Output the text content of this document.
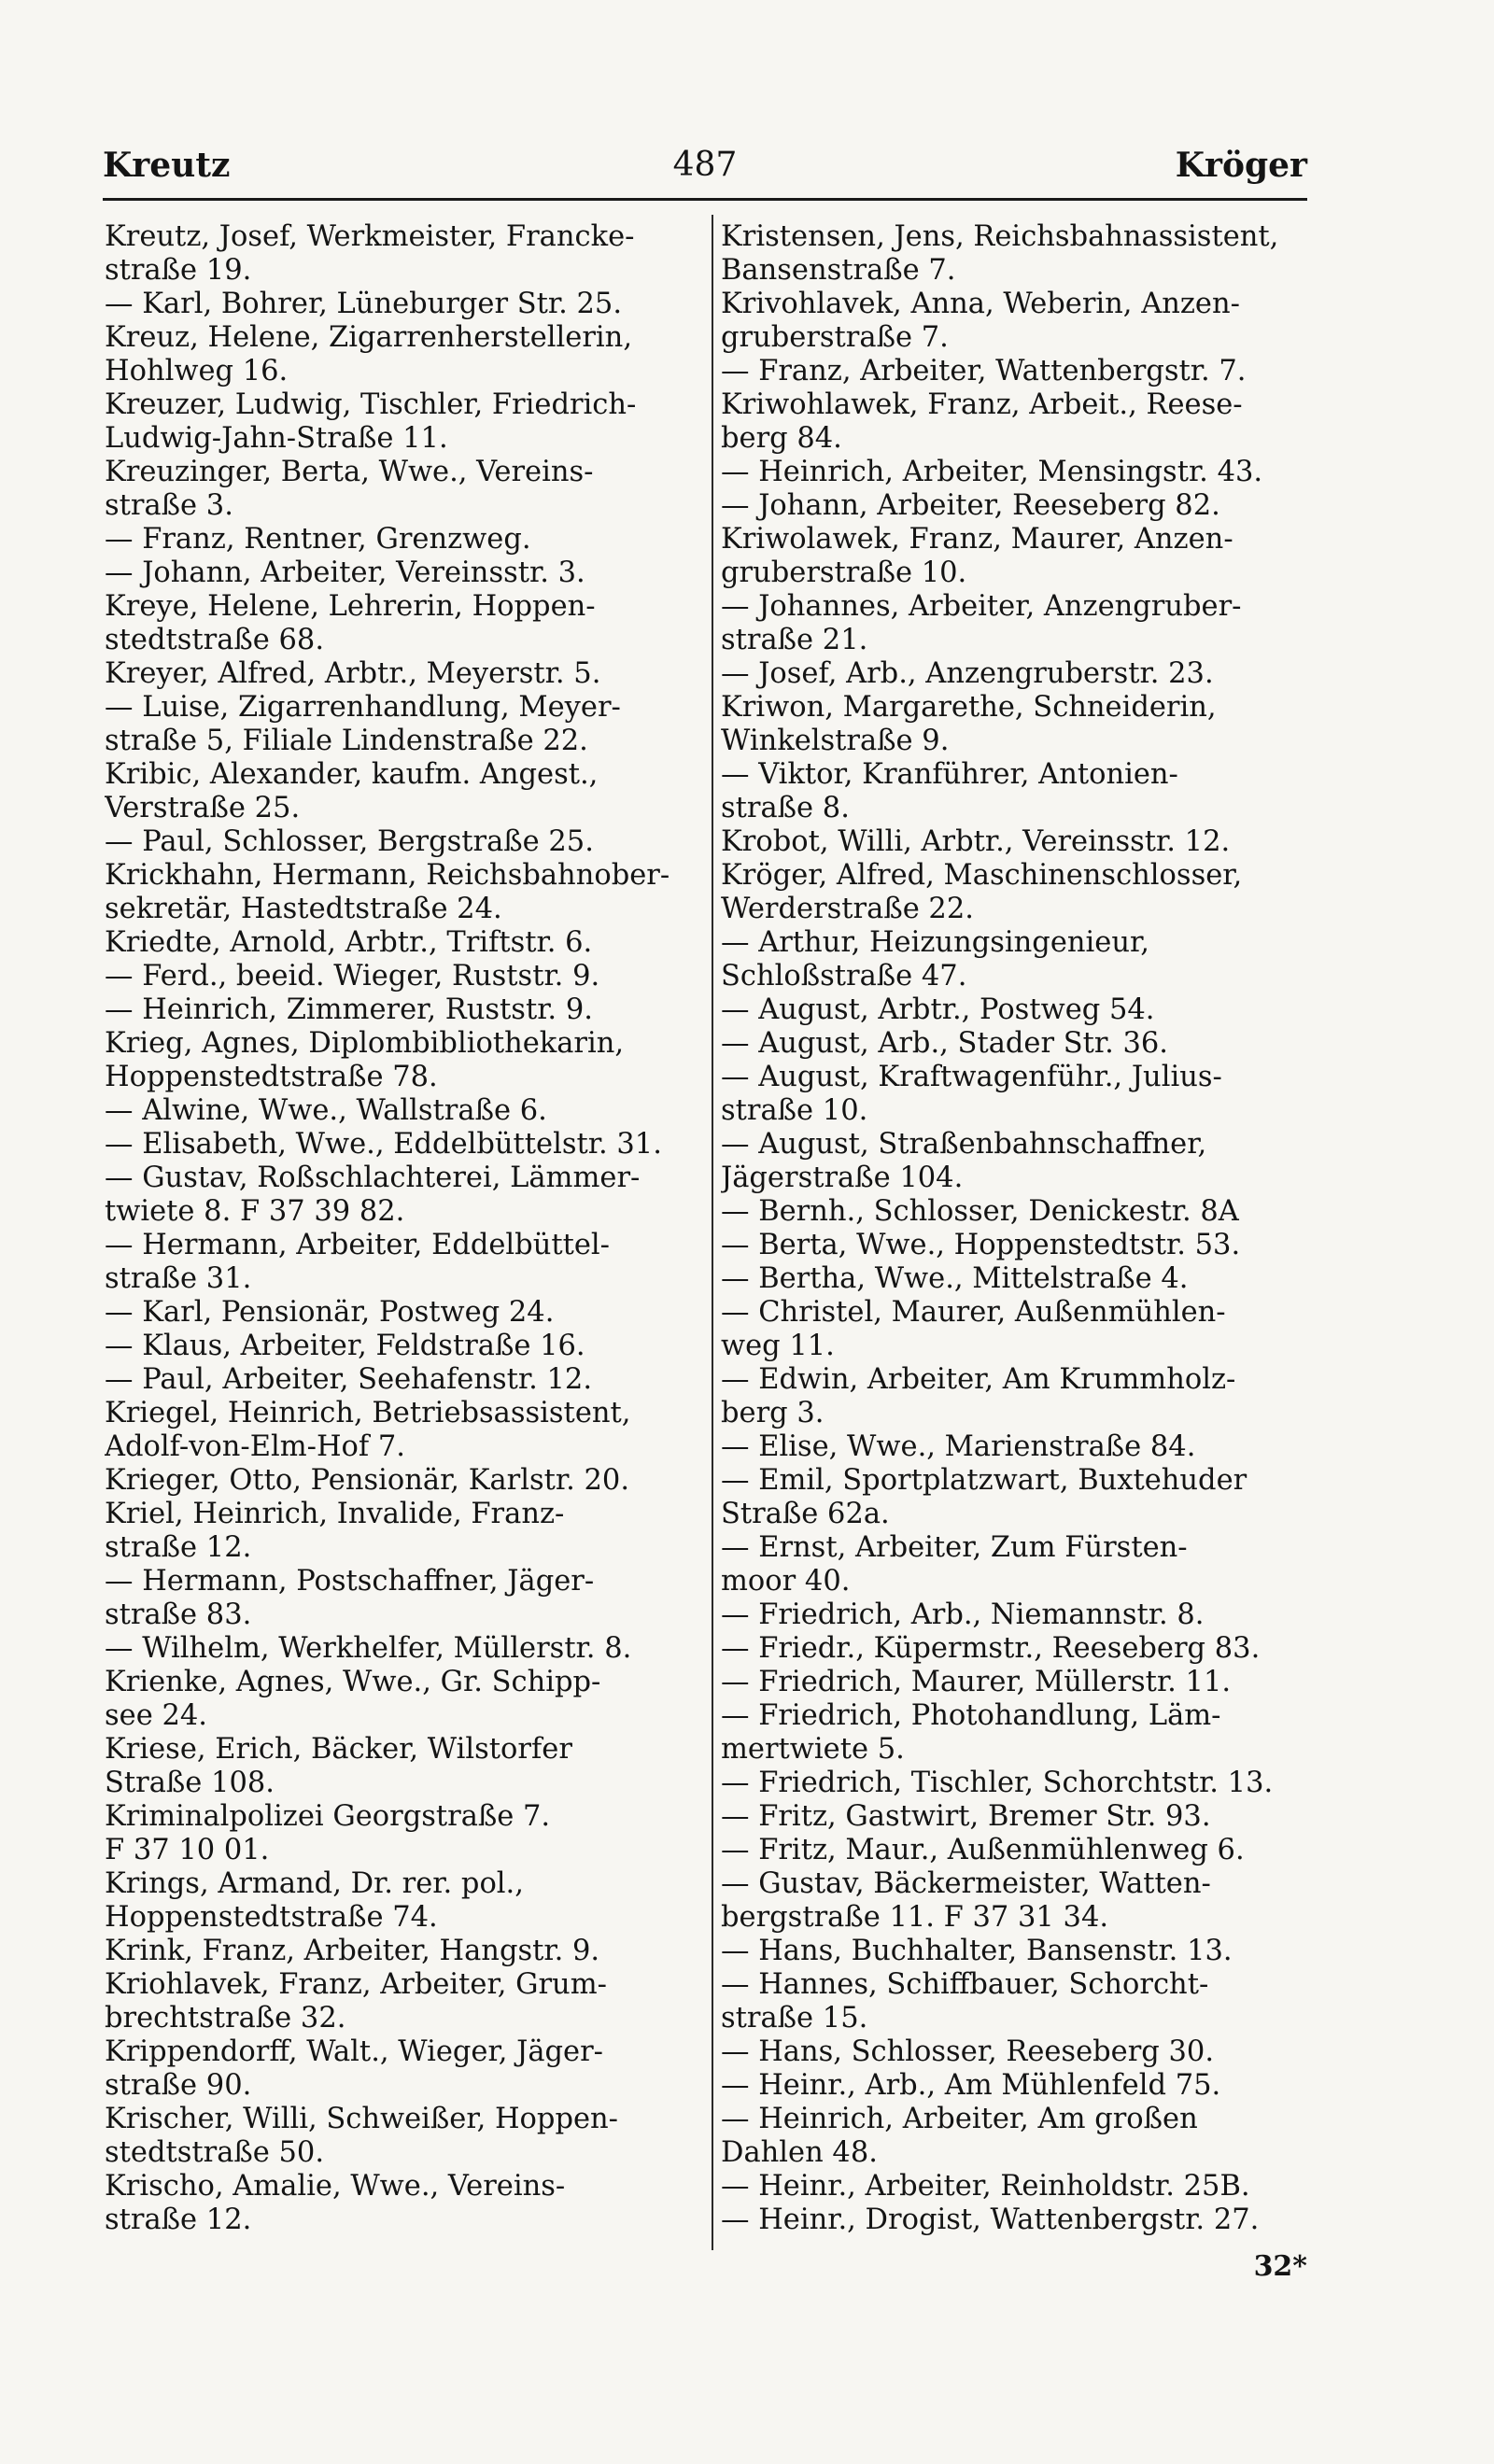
Kreutz	487	Kröger
Kreutz, Josef, Werkmeister, Francke-
straße 19.
— Karl, Bohrer, Lüneburger Str. 25.
Kreuz, Helene, Zigarrenherstellerin,
Hohlweg 16.
Kreuzer, Ludwig, Tischler, Friedrich-
Ludwig-Jahn-Straße 11.
Kreuzinger, Berta, Wwe., Vereins-
straße 3.
— Franz, Rentner, Grenzweg.
— Johann, Arbeiter, Vereinsstr. 3.
Kreye, Helene, Lehrerin, Hoppen-
stedtstraße 68.
Kreyer, Alfred, Arbtr., Meyerstr. 5.
— Luise, Zigarrenhandlung, Meyer-
straße 5, Filiale Lindenstraße 22.
Kribic, Alexander, kaufm. Angest.,
Verstraße 25.
— Paul, Schlosser, Bergstraße 25.
Krickhahn, Hermann, Reichsbahnober-
sekretär, Hastedtstraße 24.
Kriedte, Arnold, Arbtr., Triftstr. 6.
— Ferd., beeid. Wieger, Ruststr. 9.
— Heinrich, Zimmerer, Ruststr. 9.
Krieg, Agnes, Diplombibliothekarin,
Hoppenstedtstraße 78.
— Alwine, Wwe., Wallstraße 6.
— Elisabeth, Wwe., Eddelbüttelstr. 31.
— Gustav, Roßschlachterei, Lämmer-
twiete 8. F 37 39 82.
— Hermann, Arbeiter, Eddelbüttel-
straße 31.
— Karl, Pensionär, Postweg 24.
— Klaus, Arbeiter, Feldstraße 16.
— Paul, Arbeiter, Seehafenstr. 12.
Kriegel, Heinrich, Betriebsassistent,
Adolf-von-Elm-Hof 7.
Krieger, Otto, Pensionär, Karlstr. 20.
Kriel, Heinrich, Invalide, Franz-
straße 12.
— Hermann, Postschaffner, Jäger-
straße 83.
— Wilhelm, Werkhelfer, Müllerstr. 8.
Krienke, Agnes, Wwe., Gr. Schipp-
see 24.
Kriese, Erich, Bäcker, Wilstorfer
Straße 108.
Kriminalpolizei Georgstraße 7.
F 37 10 01.
Krings, Armand, Dr. rer. pol.,
Hoppenstedtstraße 74.
Krink, Franz, Arbeiter, Hangstr. 9.
Kriohlavek, Franz, Arbeiter, Grum-
brechtstraße 32.
Krippendorff, Walt., Wieger, Jäger-
straße 90.
Krischer, Willi, Schweißer, Hoppen-
stedtstraße 50.
Krischo, Amalie, Wwe., Vereins-
straße 12.
Kristensen, Jens, Reichsbahnassistent,
Bansenstraße 7.
Krivohlavek, Anna, Weberin, Anzen-
gruberstraße 7.
— Franz, Arbeiter, Wattenbergstr. 7.
Kriwohlawek, Franz, Arbeit., Reese-
berg 84.
— Heinrich, Arbeiter, Mensingstr. 43.
— Johann, Arbeiter, Reeseberg 82.
Kriwolawek, Franz, Maurer, Anzen-
gruberstraße 10.
— Johannes, Arbeiter, Anzengruber-
straße 21.
— Josef, Arb., Anzengruberstr. 23.
Kriwon, Margarethe, Schneiderin,
Winkelstraße 9.
— Viktor, Kranführer, Antonien-
straße 8.
Krobot, Willi, Arbtr., Vereinsstr. 12.
Kröger, Alfred, Maschinenschlosser,
Werderstraße 22.
— Arthur, Heizungsingenieur,
Schloßstraße 47.
— August, Arbtr., Postweg 54.
— August, Arb., Stader Str. 36.
— August, Kraftwagenführ., Julius-
straße 10.
— August, Straßenbahnschaffner,
Jägerstraße 104.
— Bernh., Schlosser, Denickestr. 8A
— Berta, Wwe., Hoppenstedtstr. 53.
— Bertha, Wwe., Mittelstraße 4.
— Christel, Maurer, Außenmühlen-
weg 11.
— Edwin, Arbeiter, Am Krummholz-
berg 3.
— Elise, Wwe., Marienstraße 84.
— Emil, Sportplatzwart, Buxtehuder
Straße 62a.
— Ernst, Arbeiter, Zum Fürsten-
moor 40.
— Friedrich, Arb., Niemannstr. 8.
— Friedr., Küpermstr., Reeseberg 83.
— Friedrich, Maurer, Müllerstr. 11.
— Friedrich, Photohandlung, Läm-
mertwiete 5.
— Friedrich, Tischler, Schorchtstr. 13.
— Fritz, Gastwirt, Bremer Str. 93.
— Fritz, Maur., Außenmühlenweg 6.
— Gustav, Bäckermeister, Watten-
bergstraße 11. F 37 31 34.
— Hans, Buchhalter, Bansenstr. 13.
— Hannes, Schiffbauer, Schorcht-
straße 15.
— Hans, Schlosser, Reeseberg 30.
— Heinr., Arb., Am Mühlenfeld 75.
— Heinrich, Arbeiter, Am großen
Dahlen 48.
— Heinr., Arbeiter, Reinholdstr. 25B.
— Heinr., Drogist, Wattenbergstr. 27.
32*
